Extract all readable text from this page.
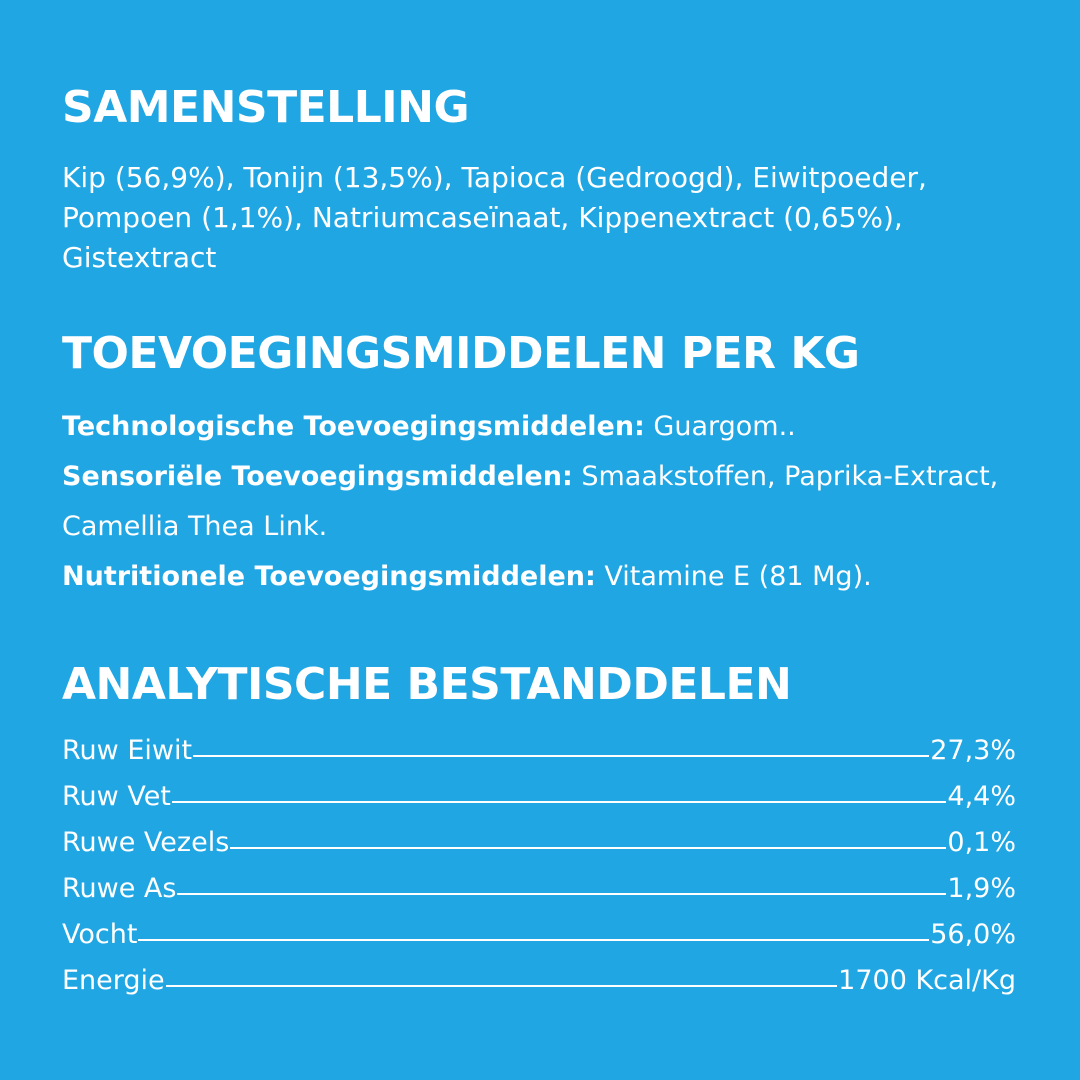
SAMENSTELLING

Kip (56,9%), Tonijn (13,5%), Tapioca (Gedroogd), Eiwitpoeder, Pompoen (1,1%), Natriumcaseïnaat, Kippenextract (0,65%), Gistextract

TOEVOEGINGSMIDDELEN PER KG

Technologische Toevoegingsmiddelen: Guargom..

Sensoriële Toevoegingsmiddelen: Smaakstoffen, Paprika-Extract, Camellia Thea Link.

Nutritionele Toevoegingsmiddelen: Vitamine E (81 Mg).

ANALYTISCHE BESTANDDELEN
Ruw Eiwit	27,3%
Ruw Vet	4,4%
Ruwe Vezels	0,1%
Ruwe As	1,9%
Vocht	56,0%
Energie	1700 Kcal/Kg
